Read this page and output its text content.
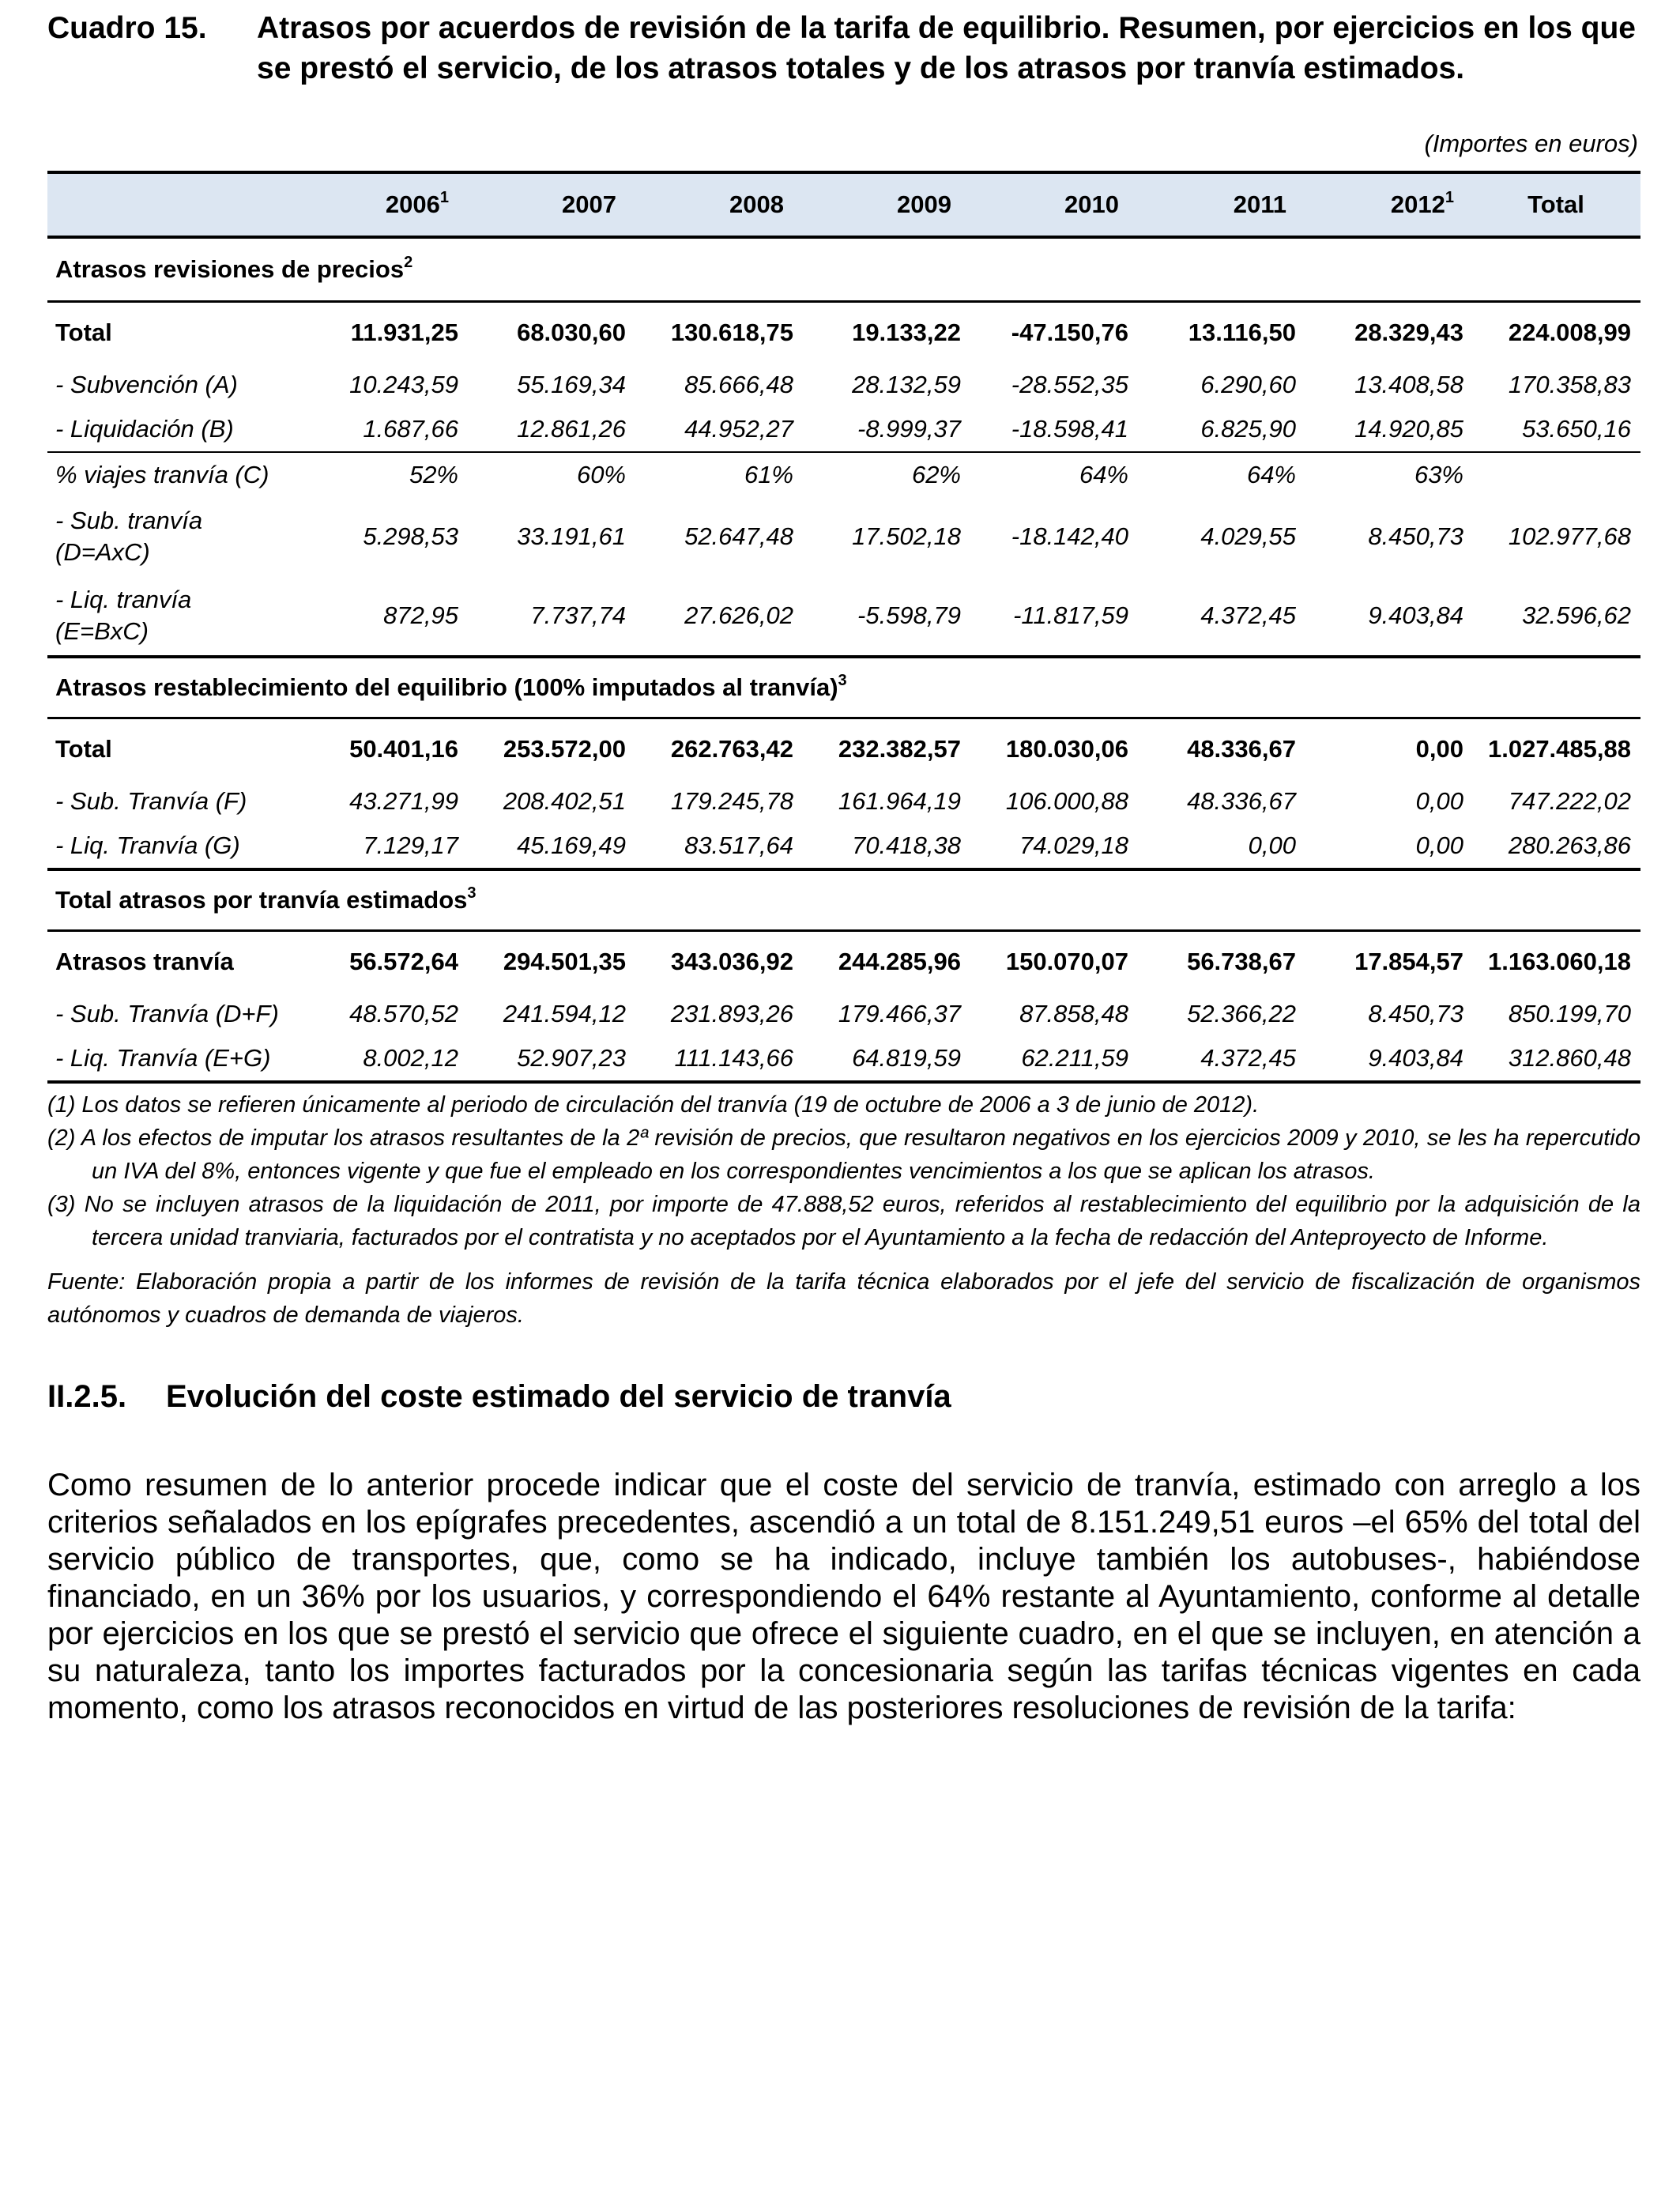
Cuadro 15.	Atrasos por acuerdos de revisión de la tarifa de equilibrio. Resumen, por ejercicios en los que se prestó el servicio, de los atrasos totales y de los atrasos por tranvía estimados.
(Importes en euros)
	2006$^1$	2007	2008	2009	2010	2011	2012$^1$	Total
Atrasos revisiones de precios$^2$
Total	11.931,25	68.030,60	130.618,75	19.133,22	-47.150,76	13.116,50	28.329,43	224.008,99
- Subvención (A)	10.243,59	55.169,34	85.666,48	28.132,59	-28.552,35	6.290,60	13.408,58	170.358,83
- Liquidación (B)	1.687,66	12.861,26	44.952,27	-8.999,37	-18.598,41	6.825,90	14.920,85	53.650,16
% viajes tranvía (C)	52%	60%	61%	62%	64%	64%	63%	

- Sub. tranvía
(D=AxC)	5.298,53	33.191,61	52.647,48	17.502,18	-18.142,40	4.029,55	8.450,73	102.977,68

- Liq. tranvía
(E=BxC)	872,95	7.737,74	27.626,02	-5.598,79	-11.817,59	4.372,45	9.403,84	32.596,62
Atrasos restablecimiento del equilibrio (100% imputados al tranvía)$^3$
Total	50.401,16	253.572,00	262.763,42	232.382,57	180.030,06	48.336,67	0,00	1.027.485,88
- Sub. Tranvía (F)	43.271,99	208.402,51	179.245,78	161.964,19	106.000,88	48.336,67	0,00	747.222,02
- Liq. Tranvía (G)	7.129,17	45.169,49	83.517,64	70.418,38	74.029,18	0,00	0,00	280.263,86
Total atrasos por tranvía estimados$^3$
Atrasos tranvía	56.572,64	294.501,35	343.036,92	244.285,96	150.070,07	56.738,67	17.854,57	1.163.060,18
- Sub. Tranvía (D+F)	48.570,52	241.594,12	231.893,26	179.466,37	87.858,48	52.366,22	8.450,73	850.199,70
- Liq. Tranvía (E+G)	8.002,12	52.907,23	111.143,66	64.819,59	62.211,59	4.372,45	9.403,84	312.860,48

(1) Los datos se refieren únicamente al periodo de circulación del tranvía (19 de octubre de 2006 a 3 de junio de 2012).

(2) A los efectos de imputar los atrasos resultantes de la 2ª revisión de precios, que resultaron negativos en los ejercicios 2009 y 2010, se les ha repercutido un IVA del 8%, entonces vigente y que fue el empleado en los correspondientes vencimientos a los que se aplican los atrasos.

(3) No se incluyen atrasos de la liquidación de 2011, por importe de 47.888,52 euros, referidos al restablecimiento del equilibrio por la adquisición de la tercera unidad tranviaria, facturados por el contratista y no aceptados por el Ayuntamiento a la fecha de redacción del Anteproyecto de Informe.

Fuente: Elaboración propia a partir de los informes de revisión de la tarifa técnica elaborados por el jefe del servicio de fiscalización de organismos autónomos y cuadros de demanda de viajeros.

II.2.5.	Evolución del coste estimado del servicio de tranvía
Como resumen de lo anterior procede indicar que el coste del servicio de tranvía, estimado con arreglo a los criterios señalados en los epígrafes precedentes, ascendió a un total de 8.151.249,51 euros –el 65% del total del servicio público de transportes, que, como se ha indicado, incluye también los autobuses-, habiéndose financiado, en un 36% por los usuarios, y correspondiendo el 64% restante al Ayuntamiento, conforme al detalle por ejercicios en los que se prestó el servicio que ofrece el siguiente cuadro, en el que se incluyen, en atención a su naturaleza, tanto los importes facturados por la concesionaria según las tarifas técnicas vigentes en cada momento, como los atrasos reconocidos en virtud de las posteriores resoluciones de revisión de la tarifa:
